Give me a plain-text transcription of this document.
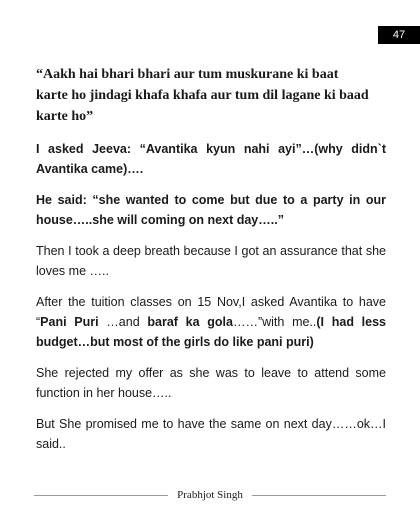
47
“Aakh hai bhari bhari aur tum muskurane ki baat
karte ho jindagi khafa khafa aur tum dil lagane ki baad
karte ho”

I asked Jeeva: “Avantika kyun nahi ayi”…(why didn`t Avantika came)….

He said: “she wanted to come but due to a party in our house…..she will coming on next day…..”

Then I took a deep breath because I got an assurance that she loves me …..

After the tuition classes on 15 Nov,I asked Avantika to have “Pani Puri …and baraf ka gola……”with me..(I had less budget…but most of the girls do like pani puri)

She rejected my offer as she was to leave to attend some function in her house…..

But She promised me to have the same on next day……ok…I said..

Prabhjot Singh
